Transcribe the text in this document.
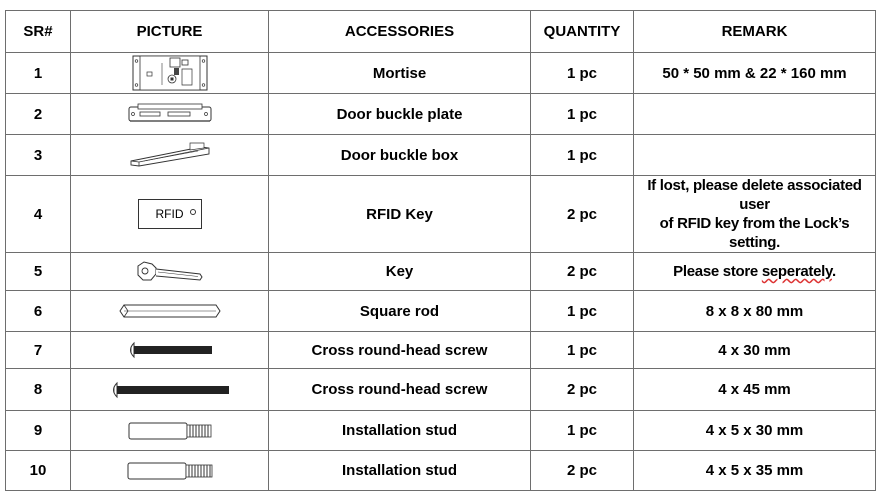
SR#	PICTURE	ACCESSORIES	QUANTITY	REMARK
1		Mortise	1 pc	50 * 50 mm & 22 * 160 mm
2		Door buckle plate	1 pc	
3		Door buckle box	1 pc	
4	RFID	RFID Key	2 pc	If lost, please delete associated user
of RFID key from the Lock’s setting.

5		Key	2 pc	Please store seperately.
6		Square rod	1 pc	8 x 8 x 80 mm
7		Cross round-head screw	1 pc	4 x 30 mm
8		Cross round-head screw	2 pc	4 x 45 mm
9		Installation stud	1 pc	4 x 5 x 30 mm
10		Installation stud	2 pc	4 x 5 x 35 mm
